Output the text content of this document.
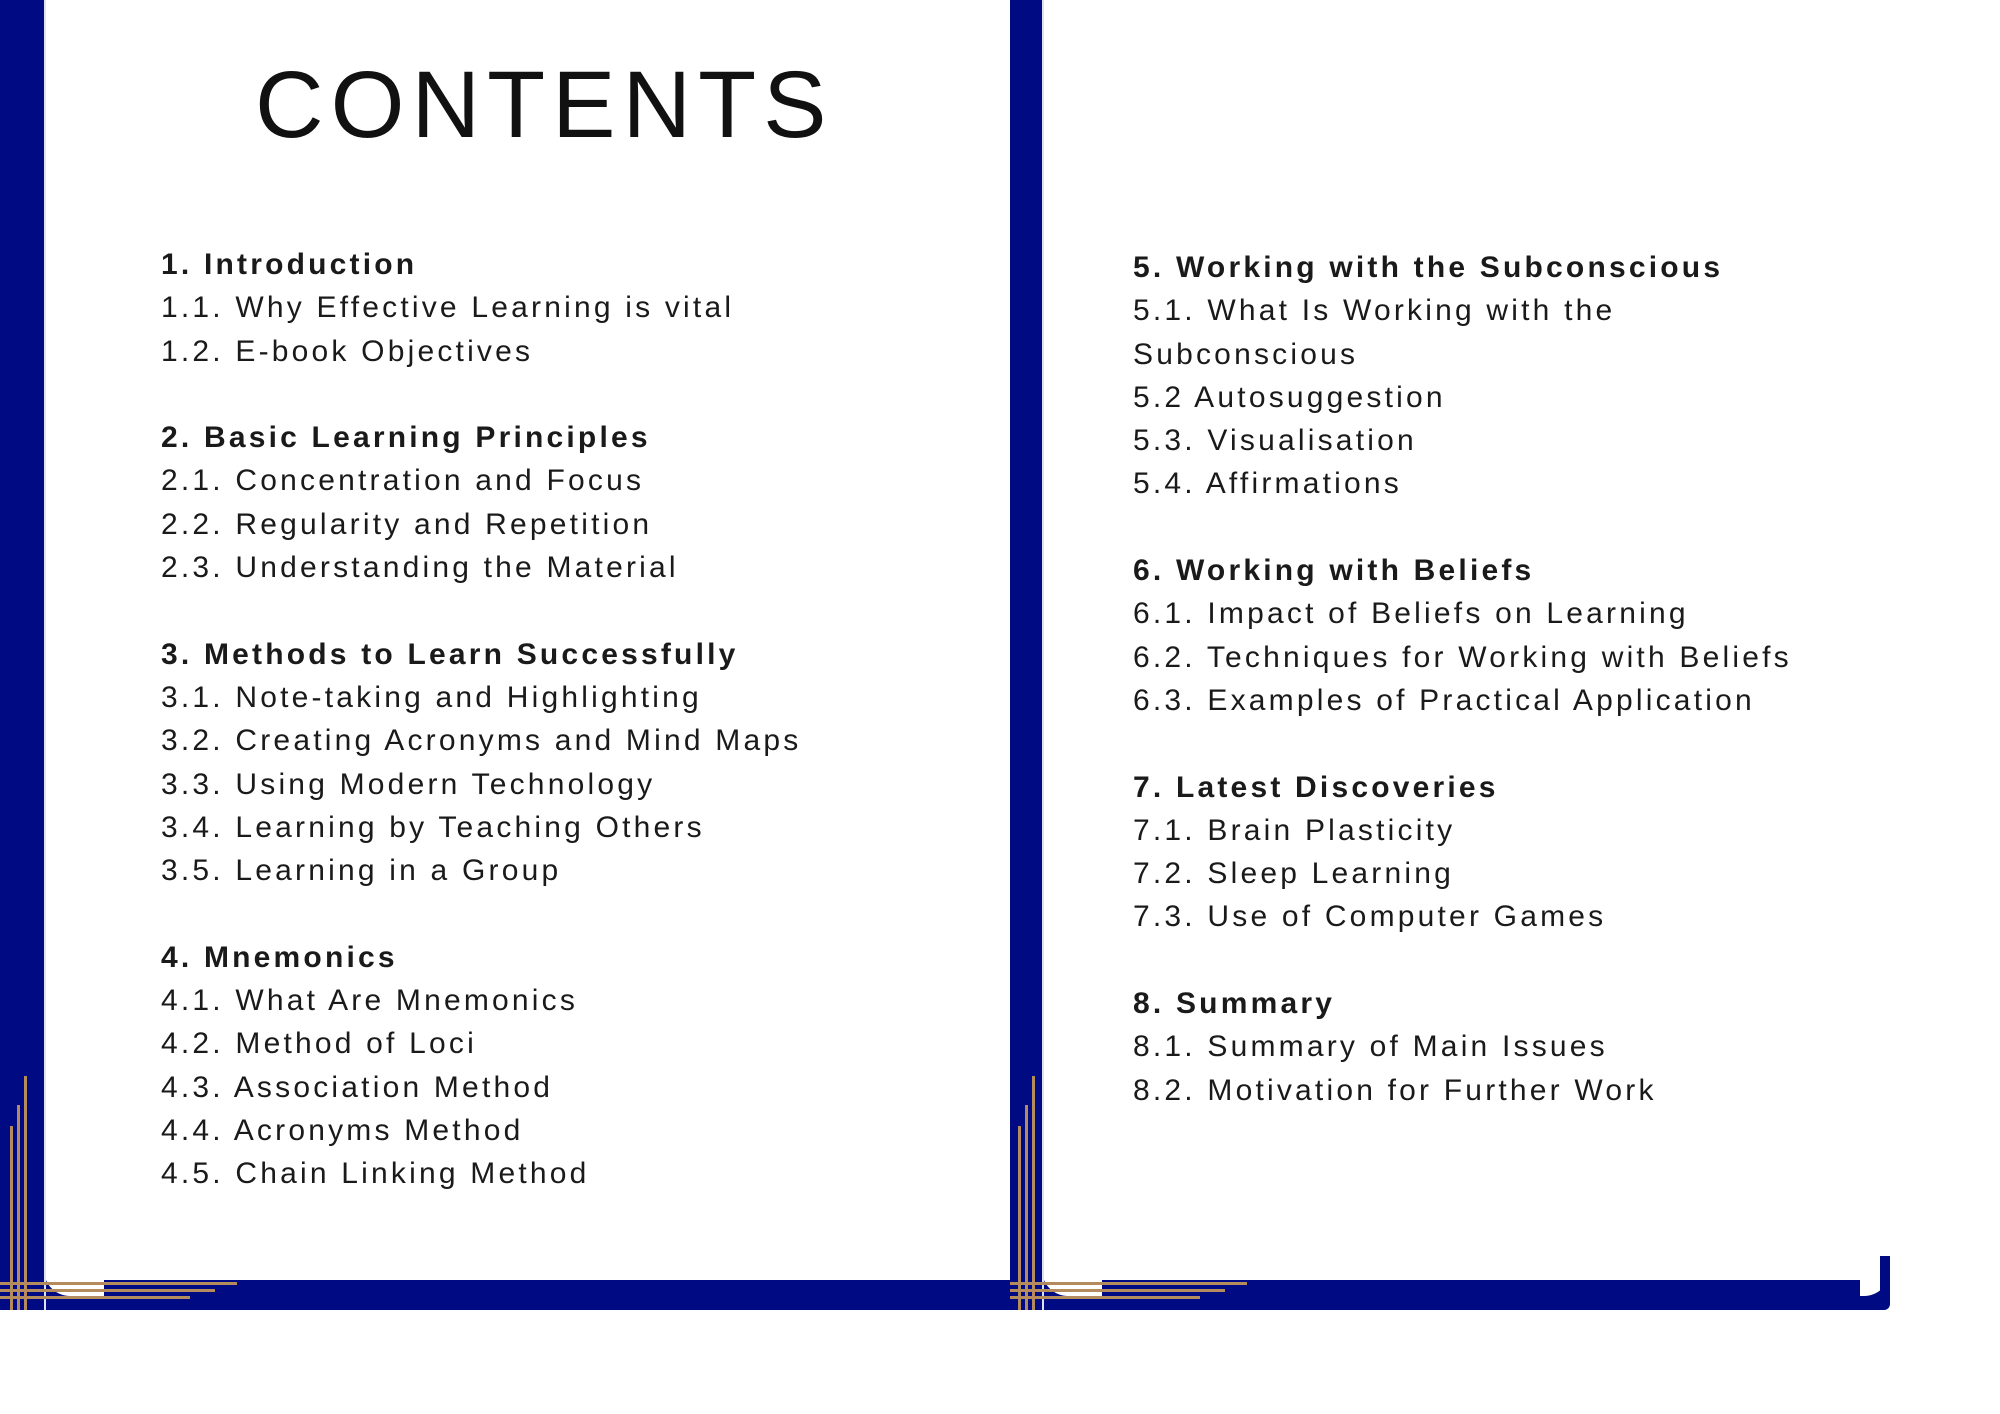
CONTENTS
1. Introduction
1.1. Why Effective Learning is vital
1.2. E-book Objectives
2. Basic Learning Principles
2.1. Concentration and Focus
2.2. Regularity and Repetition
2.3. Understanding the Material
3. Methods to Learn Successfully
3.1. Note-taking and Highlighting
3.2. Creating Acronyms and Mind Maps
3.3. Using Modern Technology
3.4. Learning by Teaching Others
3.5. Learning in a Group
4. Mnemonics
4.1. What Are Mnemonics
4.2. Method of Loci
4.3. Association Method
4.4. Acronyms Method
4.5. Chain Linking Method
5. Working with the Subconscious
5.1. What Is Working with the
Subconscious
5.2 Autosuggestion
5.3. Visualisation
5.4. Affirmations
6. Working with Beliefs
6.1. Impact of Beliefs on Learning
6.2. Techniques for Working with Beliefs
6.3. Examples of Practical Application
7. Latest Discoveries
7.1. Brain Plasticity
7.2. Sleep Learning
7.3. Use of Computer Games
8. Summary
8.1. Summary of Main Issues
8.2. Motivation for Further Work
